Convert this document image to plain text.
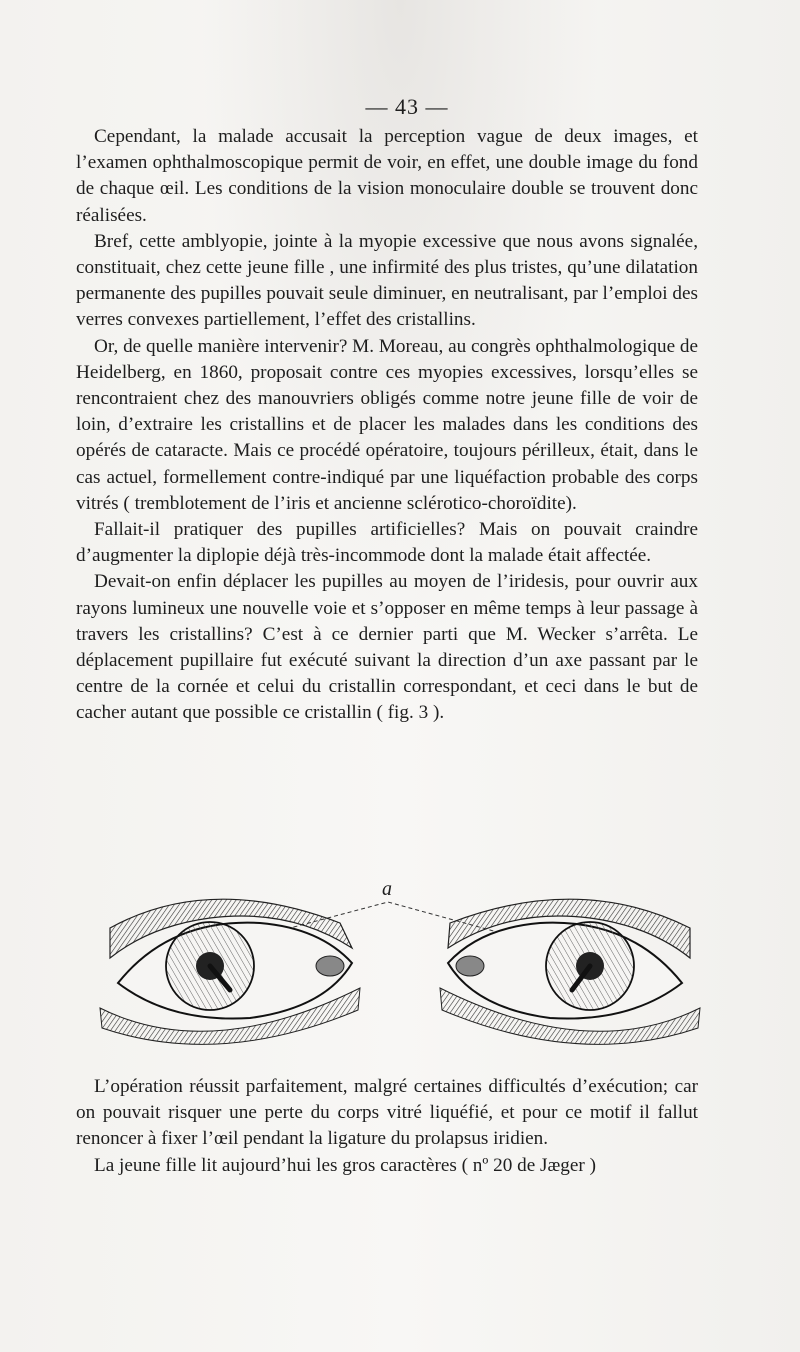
— 43 —

Cependant, la malade accusait la perception vague de deux images, et l’examen ophthalmoscopique permit de voir, en effet, une double image du fond de chaque œil. Les conditions de la vision monoculaire double se trouvent donc réalisées.

Bref, cette amblyopie, jointe à la myopie excessive que nous avons signalée, constituait, chez cette jeune fille , une infirmité des plus tristes, qu’une dilatation permanente des pupilles pouvait seule diminuer, en neutralisant, par l’emploi des verres convexes partiellement, l’effet des cristallins.

Or, de quelle manière intervenir? M. Moreau, au congrès ophthalmologique de Heidelberg, en 1860, proposait contre ces myopies excessives, lorsqu’elles se rencontraient chez des manouvriers obligés comme notre jeune fille de voir de loin, d’extraire les cristallins et de placer les malades dans les conditions des opérés de cataracte. Mais ce procédé opératoire, toujours périlleux, était, dans le cas actuel, formellement contre-indiqué par une liquéfaction probable des corps vitrés ( tremblotement de l’iris et ancienne sclérotico-choroïdite).

Fallait-il pratiquer des pupilles artificielles? Mais on pouvait craindre d’augmenter la diplopie déjà très-incommode dont la malade était affectée.

Devait-on enfin déplacer les pupilles au moyen de l’iridesis, pour ouvrir aux rayons lumineux une nouvelle voie et s’opposer en même temps à leur passage à travers les cristallins? C’est à ce dernier parti que M. Wecker s’arrêta. Le déplacement pupillaire fut exécuté suivant la direction d’un axe passant par le centre de la cornée et celui du cristallin correspondant, et ceci dans le but de cacher autant que possible ce cristallin ( fig. 3 ).

a

L’opération réussit parfaitement, malgré certaines difficultés d’exécution; car on pouvait risquer une perte du corps vitré liquéfié, et pour ce motif il fallut renoncer à fixer l’œil pendant la ligature du prolapsus iridien.

La jeune fille lit aujourd’hui les gros caractères ( nº 20 de Jæger )
